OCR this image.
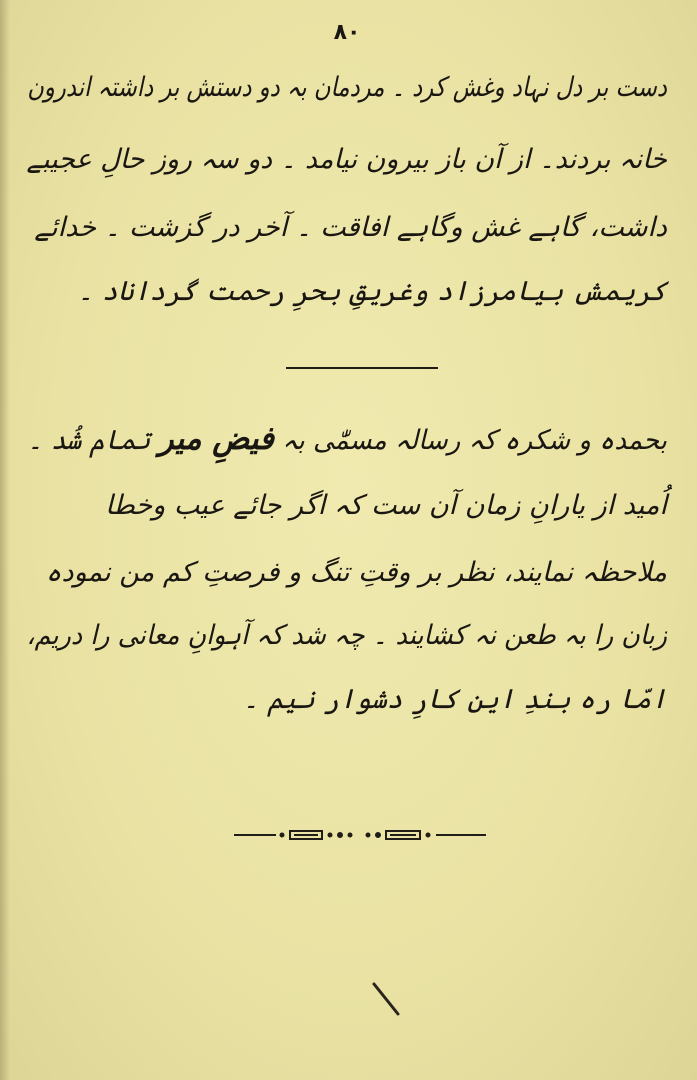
۸۰
دست بر دل نہاد وغش کرد ۔ مردمان بہ دو دستش بر داشتہ اندرون
خانہ بردند۔ از آن باز بیرون نیامد ۔ دو سہ روز حالِ عجیبے
داشت، گاہے غش وگاہے افاقت ۔ آخر در گزشت ۔ خدائے
کریمش بیامرزاد وغریقِ بحرِ رحمت گرداناد ۔
بحمدہ و شکرہ کہ رسالہ مسمّٰی بہ فیضِ میر تمام شُد ۔
اُمید از یارانِ زمان آن ست کہ اگر جائے عیب وخطا
ملاحظہ نمایند، نظر بر وقتِ تنگ و فرصتِ کم من نمودہ
زبان را بہ طعن نہ کشایند ۔ چہ شد کہ آہوانِ معانی را دریم،
امّا رہ بندِ این کارِ دشوار نیم ۔
